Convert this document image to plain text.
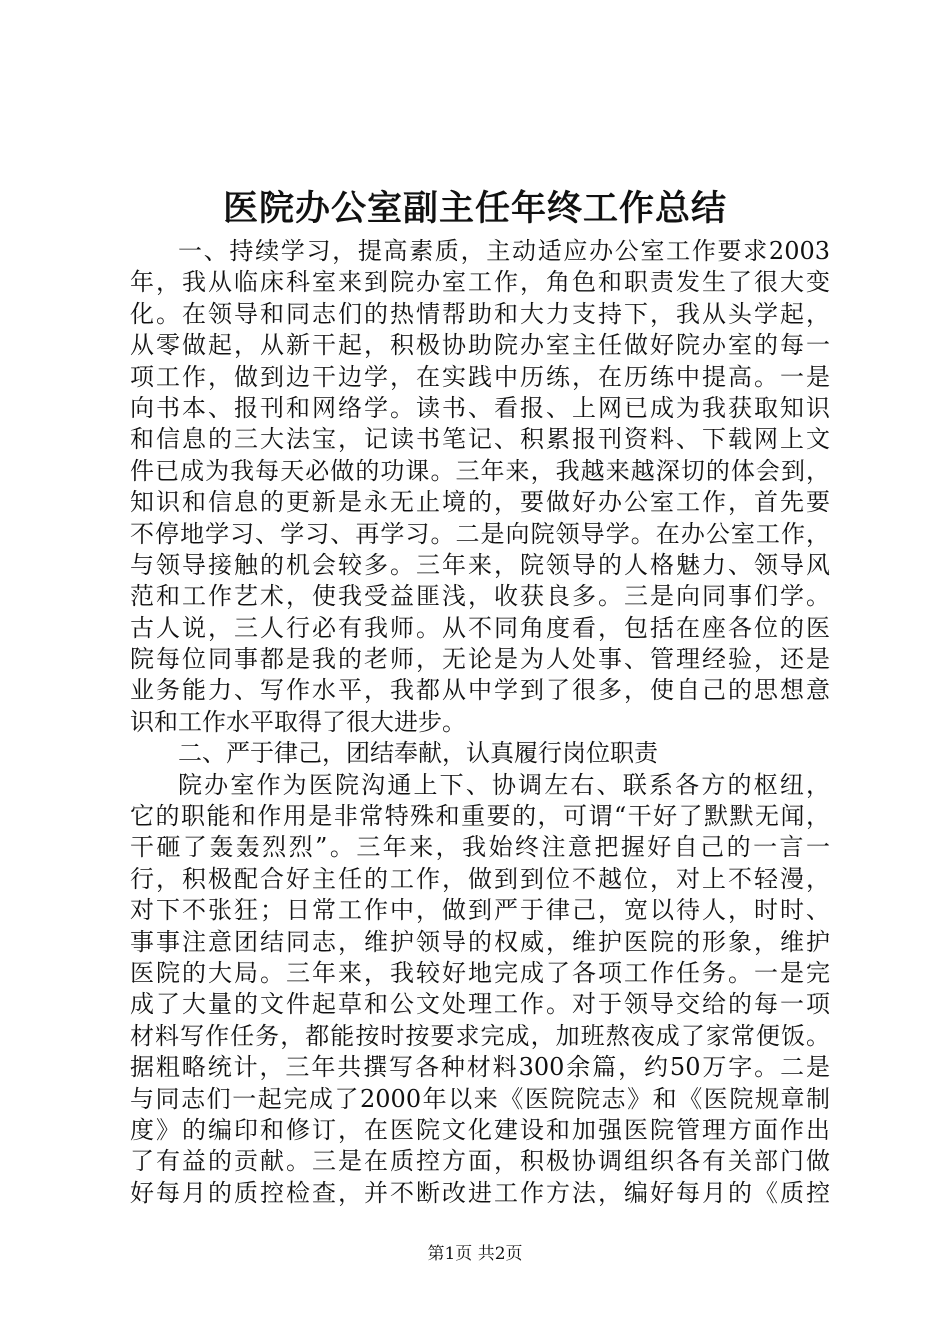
医院办公室副主任年终工作总结
一、持续学习，提高素质，主动适应办公室工作要求2003
年，我从临床科室来到院办室工作，角色和职责发生了很大变
化。在领导和同志们的热情帮助和大力支持下，我从头学起，
从零做起，从新干起，积极协助院办室主任做好院办室的每一
项工作，做到边干边学，在实践中历练，在历练中提高。一是
向书本、报刊和网络学。读书、看报、上网已成为我获取知识
和信息的三大法宝，记读书笔记、积累报刊资料、下载网上文
件已成为我每天必做的功课。三年来，我越来越深切的体会到，
知识和信息的更新是永无止境的，要做好办公室工作，首先要
不停地学习、学习、再学习。二是向院领导学。在办公室工作，
与领导接触的机会较多。三年来，院领导的人格魅力、领导风
范和工作艺术，使我受益匪浅，收获良多。三是向同事们学。
古人说，三人行必有我师。从不同角度看，包括在座各位的医
院每位同事都是我的老师，无论是为人处事、管理经验，还是
业务能力、写作水平，我都从中学到了很多，使自己的思想意
识和工作水平取得了很大进步。
二、严于律己，团结奉献，认真履行岗位职责
院办室作为医院沟通上下、协调左右、联系各方的枢纽，
它的职能和作用是非常特殊和重要的，可谓“干好了默默无闻，
干砸了轰轰烈烈”。三年来，我始终注意把握好自己的一言一
行，积极配合好主任的工作，做到到位不越位，对上不轻漫，
对下不张狂；日常工作中，做到严于律己，宽以待人，时时、
事事注意团结同志，维护领导的权威，维护医院的形象，维护
医院的大局。三年来，我较好地完成了各项工作任务。一是完
成了大量的文件起草和公文处理工作。对于领导交给的每一项
材料写作任务，都能按时按要求完成，加班熬夜成了家常便饭。
据粗略统计，三年共撰写各种材料300余篇，约50万字。二是
与同志们一起完成了2000年以来《医院院志》和《医院规章制
度》的编印和修订，在医院文化建设和加强医院管理方面作出
了有益的贡献。三是在质控方面，积极协调组织各有关部门做
好每月的质控检查，并不断改进工作方法，编好每月的《质控
第1页 共2页
